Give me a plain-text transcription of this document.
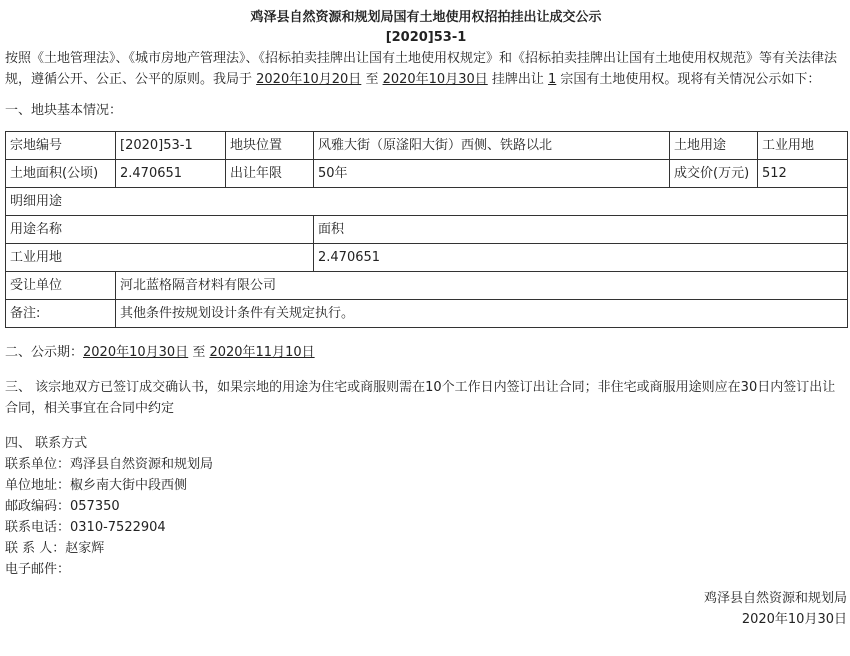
鸡泽县自然资源和规划局国有土地使用权招拍挂出让成交公示
[2020]53-1

按照《土地管理法》、《城市房地产管理法》、《招标拍卖挂牌出让国有土地使用权规定》和《招标拍卖挂牌出让国有土地使用权规范》等有关法律法规，遵循公开、公正、公平的原则。我局于 2020年10月20日 至 2020年10月30日 挂牌出让 1 宗国有土地使用权。现将有关情况公示如下：

一、地块基本情况：

宗地编号	[2020]53-1	地块位置	风雅大街（原滏阳大街）西侧、铁路以北	土地用途	工业用地
土地面积(公顷)	2.470651	出让年限	50年	成交价(万元)	512
明细用途					
用途名称			面积		
工业用地			2.470651		
受让单位	河北蓝格隔音材料有限公司				
备注:	其他条件按规划设计条件有关规定执行。				

二、公示期：2020年10月30日 至 2020年11月10日

三、 该宗地双方已签订成交确认书，如果宗地的用途为住宅或商服则需在10个工作日内签订出让合同；非住宅或商服用途则应在30日内签订出让合同，相关事宜在合同中约定

四、 联系方式

联系单位：鸡泽县自然资源和规划局

单位地址：椒乡南大街中段西侧

邮政编码：057350

联系电话：0310-7522904

联 系 人：赵家辉

电子邮件：

鸡泽县自然资源和规划局
2020年10月30日
